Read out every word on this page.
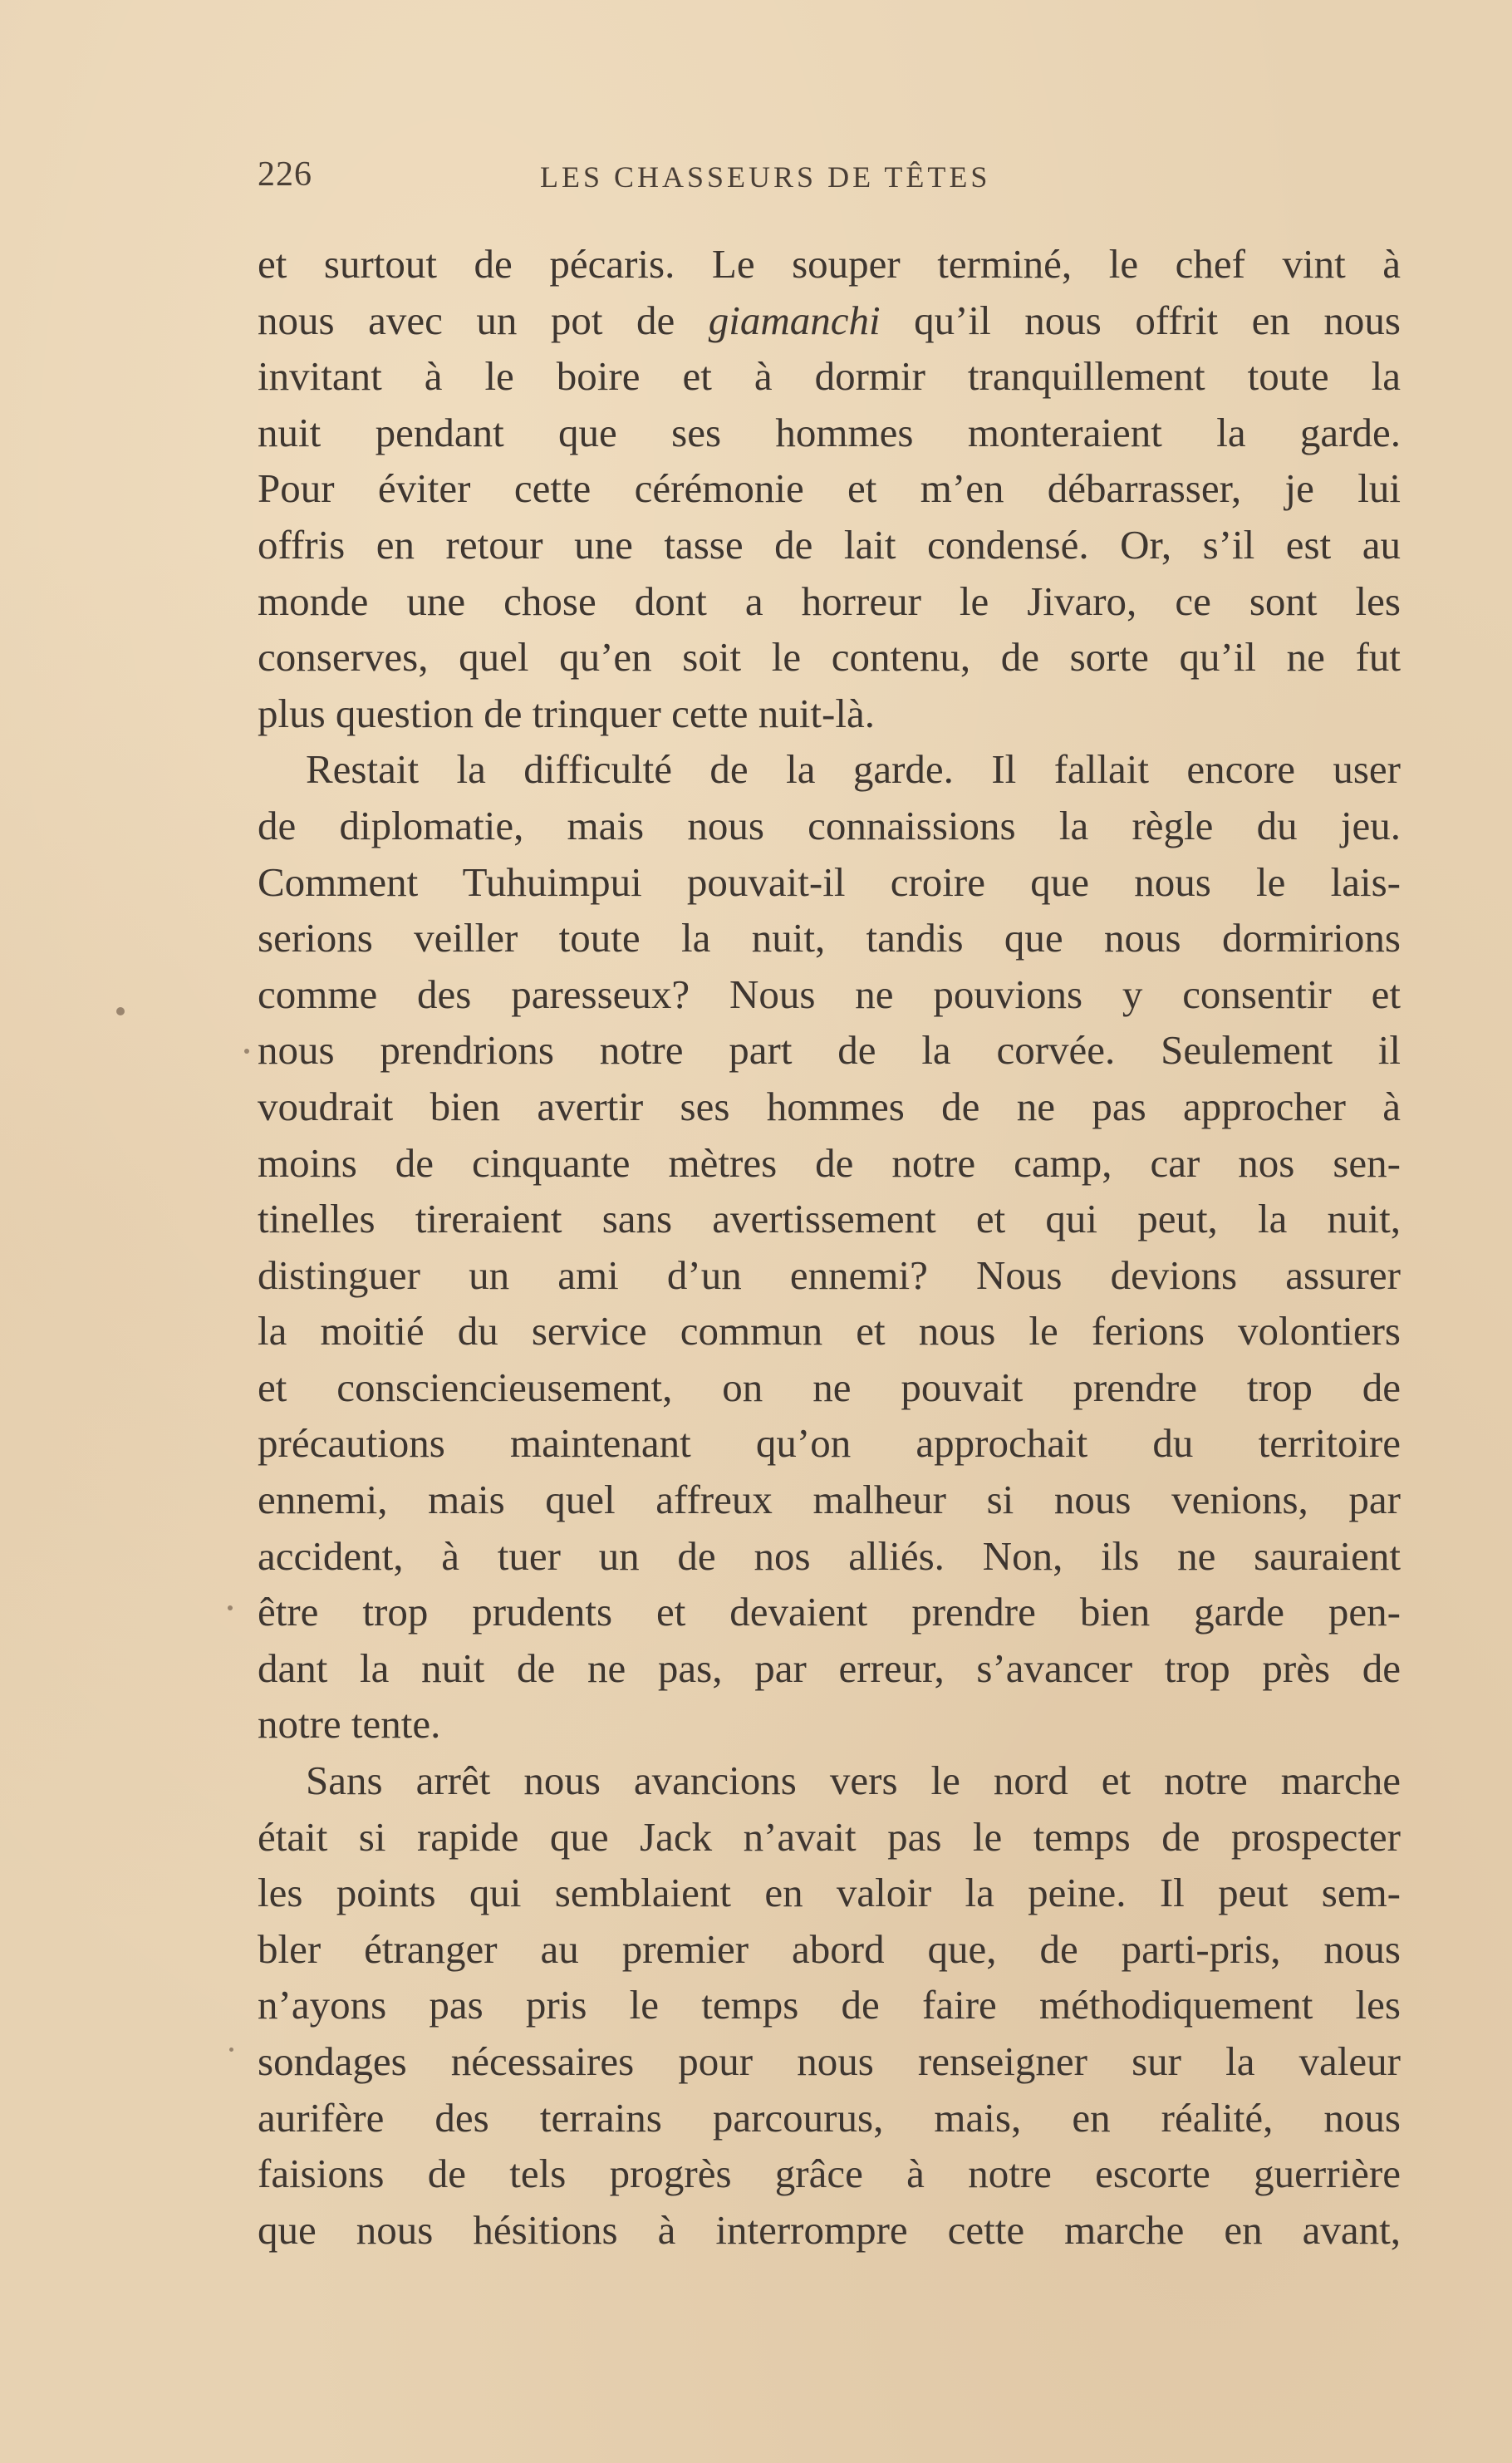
226	LES CHASSEURS DE TÊTES
et surtout de pécaris. Le souper terminé, le chef vint à
nous avec un pot de giamanchi qu’il nous offrit en nous
invitant à le boire et à dormir tranquillement toute la
nuit pendant que ses hommes monteraient la garde.
Pour éviter cette cérémonie et m’en débarrasser, je lui
offris en retour une tasse de lait condensé. Or, s’il est au
monde une chose dont a horreur le Jivaro, ce sont les
conserves, quel qu’en soit le contenu, de sorte qu’il ne fut
plus question de trinquer cette nuit-là.
Restait la difficulté de la garde. Il fallait encore user
de diplomatie, mais nous connaissions la règle du jeu.
Comment Tuhuimpui pouvait-il croire que nous le lais-
serions veiller toute la nuit, tandis que nous dormirions
comme des paresseux? Nous ne pouvions y consentir et
nous prendrions notre part de la corvée. Seulement il
voudrait bien avertir ses hommes de ne pas approcher à
moins de cinquante mètres de notre camp, car nos sen-
tinelles tireraient sans avertissement et qui peut, la nuit,
distinguer un ami d’un ennemi? Nous devions assurer
la moitié du service commun et nous le ferions volontiers
et consciencieusement, on ne pouvait prendre trop de
précautions maintenant qu’on approchait du territoire
ennemi, mais quel affreux malheur si nous venions, par
accident, à tuer un de nos alliés. Non, ils ne sauraient
être trop prudents et devaient prendre bien garde pen-
dant la nuit de ne pas, par erreur, s’avancer trop près de
notre tente.
Sans arrêt nous avancions vers le nord et notre marche
était si rapide que Jack n’avait pas le temps de prospecter
les points qui semblaient en valoir la peine. Il peut sem-
bler étranger au premier abord que, de parti-pris, nous
n’ayons pas pris le temps de faire méthodiquement les
sondages nécessaires pour nous renseigner sur la valeur
aurifère des terrains parcourus, mais, en réalité, nous
faisions de tels progrès grâce à notre escorte guerrière
que nous hésitions à interrompre cette marche en avant,
